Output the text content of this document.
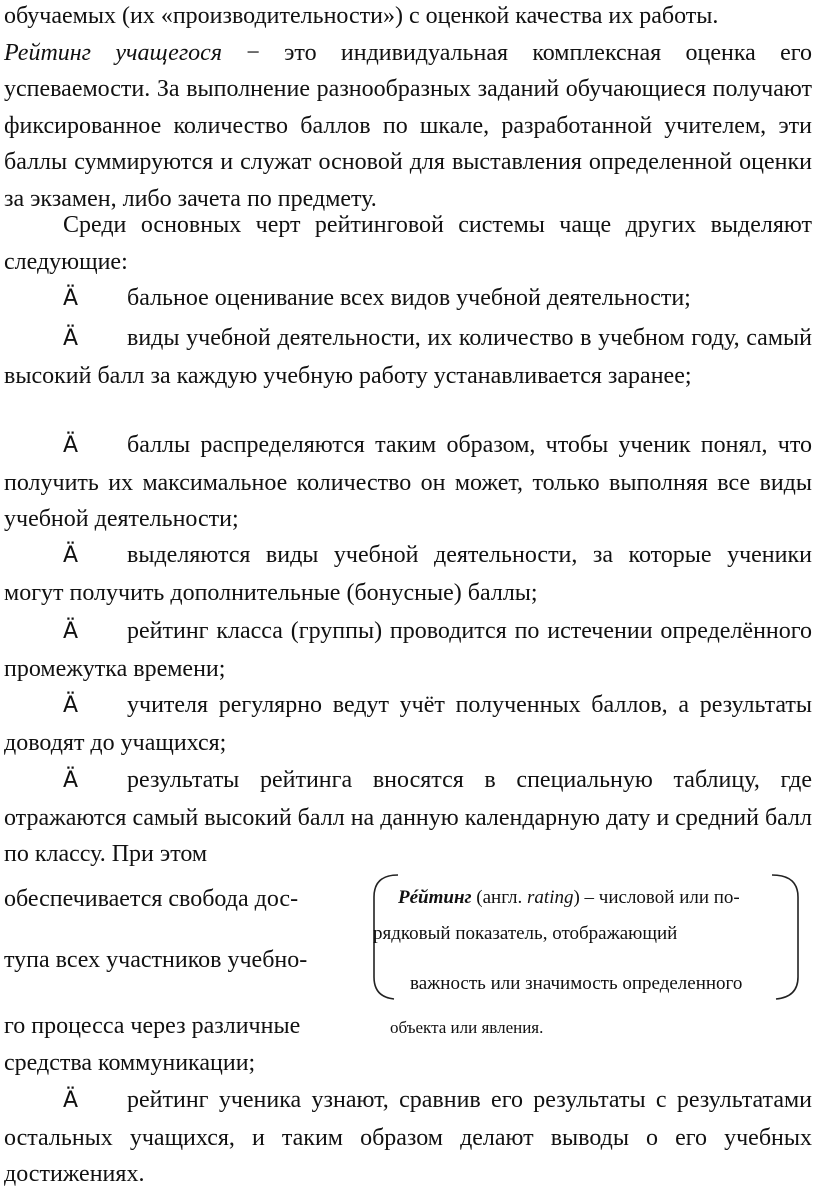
обучаемых (их «производительности») с оценкой качества их работы.
Рейтинг учащегося − это индивидуальная комплексная оценка его успеваемости. За выполнение разнообразных заданий обучающиеся получают фиксированное количество баллов по шкале, разработанной учителем, эти баллы суммируются и служат основой для выставления определенной оценки за экзамен, либо зачета по предмету.

Среди основных черт рейтинговой системы чаще других выделяют следующие:

Ä бальное оценивание всех видов учебной деятельности;

Ä виды учебной деятельности, их количество в учебном году, самый высокий балл за каждую учебную работу устанавливается заранее;

Ä баллы распределяются таким образом, чтобы ученик понял, что получить их максимальное количество он может, только выполняя все виды учебной деятельности;

Ä выделяются виды учебной деятельности, за которые ученики могут получить дополнительные (бонусные) баллы;

Ä рейтинг класса (группы) проводится по истечении определённого промежутка времени;

Ä учителя регулярно ведут учёт полученных баллов, а результаты доводят до учащихся;

Ä результаты рейтинга вносятся в специальную таблицу, где отражаются самый высокий балл на данную календарную дату и средний балл по классу. При этом

обеспечивается свобода дос-
тупа всех участников учебно-
го процесса через различные
средства коммуникации;
Рéйтинг (англ. rating) – числовой или по-
рядковый показатель, отображающий
важность или значимость определенного
объекта или явления.

Ä рейтинг ученика узнают, сравнив его результаты с результатами остальных учащихся, и таким образом делают выводы о его учебных достижениях.
